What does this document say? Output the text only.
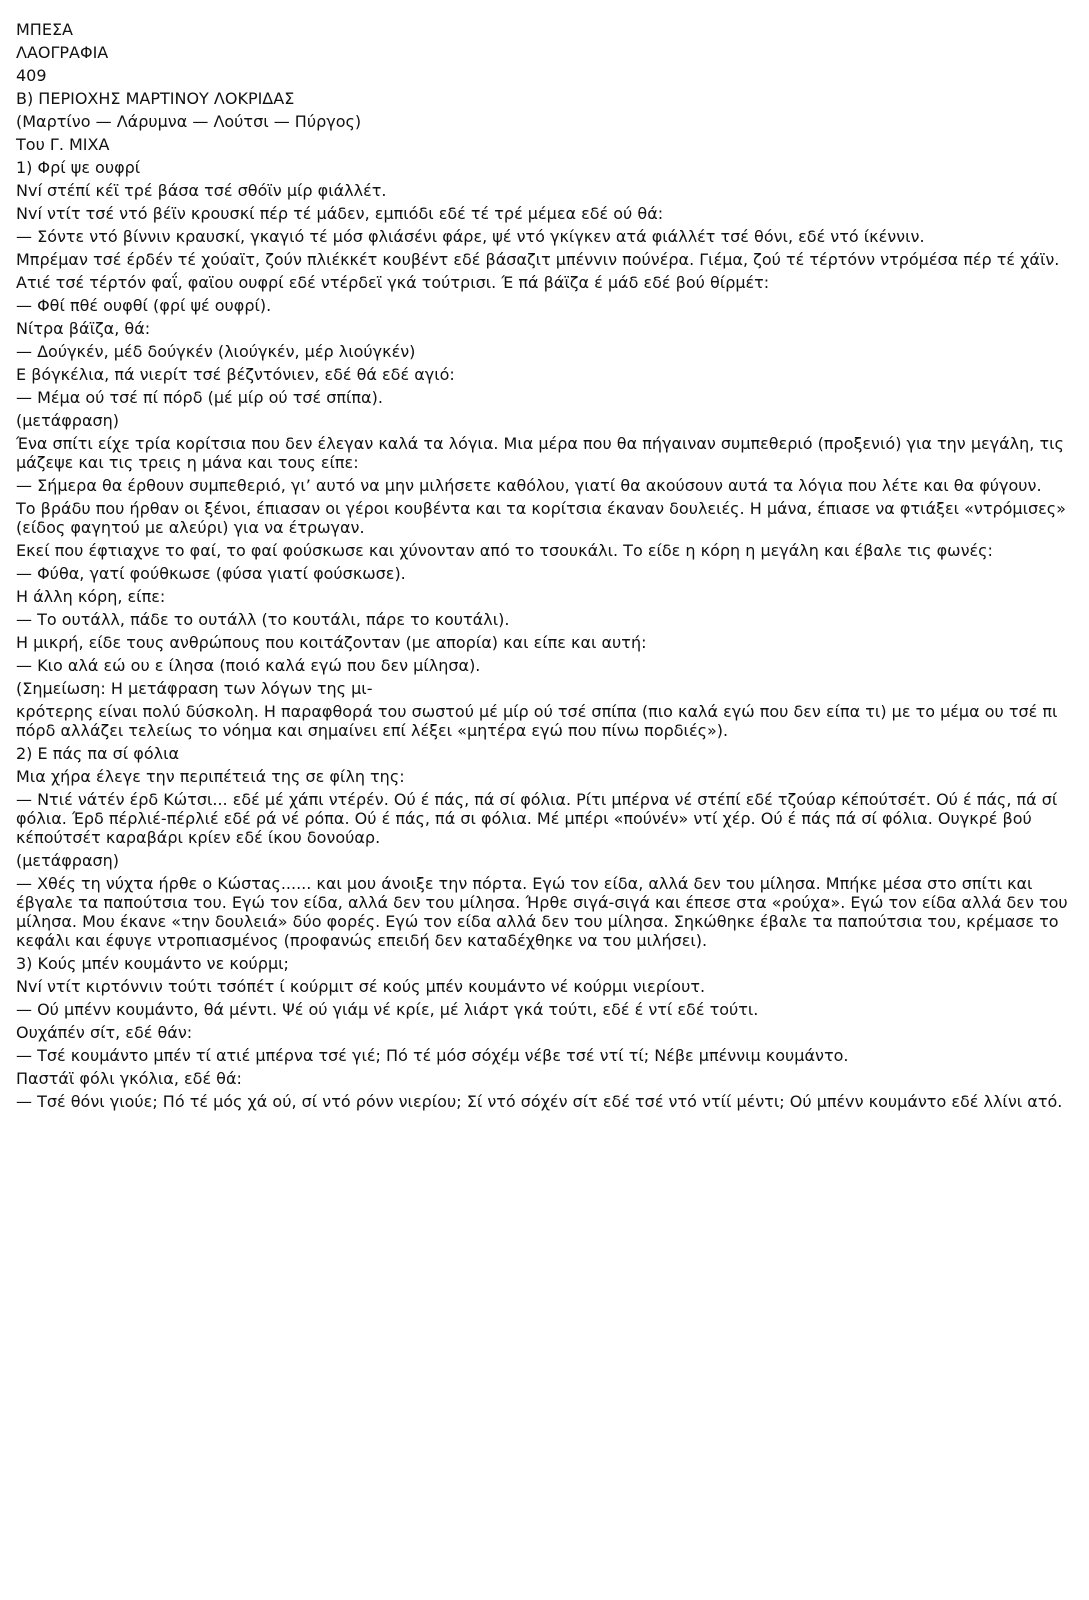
ΜΠΕΣΑ
ΛΑΟΓΡΑΦΙΑ
409
Β) ΠΕΡΙΟΧΗΣ ΜΑΡΤΙΝΟΥ ΛΟΚΡΙΔΑΣ
(Μαρτίνο — Λάρυμνα — Λούτσι — Πύργος)
Του Γ. ΜΙΧΑ
1) Φρί ψε ουφρί
Νví στέπί κέϊ τρέ βάσα τσέ σθόϊν μίρ φιάλλέτ.
Νví ντίτ τσέ ντό βέϊν κρουσκί πέρ τέ μάδεν, εμπιόδι εδέ τέ τρέ μέμεα εδέ ού θά:
— Σόντε ντό βίννιν κραυσκί, γκαγιό τέ μόσ φλιάσένι φάρε, ψέ ντό γκίγκεν ατά φιάλλέτ τσέ θόνι, εδέ ντό ίκέννιν.
Μπρέμαν τσέ έρδέν τέ χούαϊτ, ζούν πλιέκκέτ κουβέντ εδέ βάσαζιτ μπένvιν πούνέρα. Γιέμα, ζού τέ τέρτόνν ντρόμέσα πέρ τέ χάϊν.
Ατιέ τσέ τέρτόν φαΐ, φαϊου ουφρί εδέ ντέρδεϊ γκά τούτρισι. Έ πά βάϊζα έ μάδ εδέ βού θίρμέτ:
— Φθί πθέ ουφθί (φρί ψέ ουφρί).
Νίτρα βάϊζα, θά:
— Δούγκέν, μέδ δούγκέν (λιούγκέν, μέρ λιούγκέν)
Ε βόγκέλια, πά νιερίτ τσέ βέζντόνιεν, εδέ θά εδέ αγιό:
— Μέμα ού τσέ πί πόρδ (μέ μίρ ού τσέ σπίπα).
(μετάφραση)
Ένα σπίτι είχε τρία κορίτσια που δεν έλεγαν καλά τα λόγια. Μια μέρα που θα πήγαιναν συμπεθεριό (προξενιό) για την μεγάλη, τις μάζεψε και τις τρεις η μάνα και τους είπε:
— Σήμερα θα έρθουν συμπεθεριό, γι’ αυτό να μην μιλήσετε καθόλου, γιατί θα ακούσουν αυτά τα λόγια που λέτε και θα φύγουν.
Το βράδυ που ήρθαν οι ξένοι, έπιασαν οι γέροι κουβέντα και τα κορίτσια έκαναν δουλειές. Η μάνα, έπιασε να φτιάξει «ντρόμισες» (είδος φαγητού με αλεύρι) για να έτρωγαν.
Εκεί που έφτιαχνε το φαί, το φαί φούσκωσε και χύνονταν από το τσουκάλι. Το είδε η κόρη η μεγάλη και έβαλε τις φωνές:
— Φύθα, γατί φούθκωσε (φύσα γιατί φούσκωσε).
Η άλλη κόρη, είπε:
— Το ουτάλλ, πάδε το ουτάλλ (το κουτάλι, πάρε το κουτάλι).
Η μικρή, είδε τους ανθρώπους που κοιτάζονταν (με απορία) και είπε και αυτή:
— Κιο αλά εώ ου ε ίλησα (ποιό καλά εγώ που δεν μίλησα).
(Σημείωση: Η μετάφραση των λόγων της μι-
κρότερης είναι πολύ δύσκολη. Η παραφθορά του σωστού μέ μίρ ού τσέ σπίπα (πιο καλά εγώ που δεν είπα τι) με το μέμα ου τσέ πι πόρδ αλλάζει τελείως το νόημα και σημαίνει επί λέξει «μητέρα εγώ που πίνω πορδιές»).
2) Ε πάς πα σί φόλια
Μια χήρα έλεγε την περιπέτειά της σε φίλη της:
— Ντιέ νάτέν έρδ Κώτσι... εδέ μέ χάπι ντέρέν. Ού έ πάς, πά σί φόλια. Ρίτι μπέρνα νέ στέπί εδέ τζούαρ κέπούτσέτ. Ού έ πάς, πά σί φόλια. Έρδ πέρλιέ-πέρλιέ εδέ ρά νέ ρόπα. Ού έ πάς, πά σι φόλια. Μέ μπέρι «πούνέν» ντί χέρ. Ού έ πάς πά σί φόλια. Ουγκρέ βού κέπούτσέτ καραβάρι κρίεν εδέ ίκου δονούαρ.
(μετάφραση)
— Χθές τη νύχτα ήρθε ο Κώστας...... και μου άνοιξε την πόρτα. Εγώ τον είδα, αλλά δεν του μίλησα. Μπήκε μέσα στο σπίτι και έβγαλε τα παπούτσια του. Εγώ τον είδα, αλλά δεν του μίλησα. Ήρθε σιγά-σιγά και έπεσε στα «ρούχα». Εγώ τον είδα αλλά δεν του μίλησα. Μου έκανε «την δουλειά» δύο φορές. Εγώ τον είδα αλλά δεν του μίλησα. Σηκώθηκε έβαλε τα παπούτσια του, κρέμασε το κεφάλι και έφυγε ντροπιασμένος (προφανώς επειδή δεν καταδέχθηκε να του μιλήσει).
3) Κούς μπέν κουμάντο νε κούρμι;
Νví ντίτ κιρτόνvιν τούτι τσόπέτ ί κούρμιτ σέ κούς μπέν κουμάντο νέ κούρμι νιερίουτ.
— Ού μπέvν κουμάντο, θά μέντι. Ψέ ού γιάμ νέ κρίε, μέ λιάρτ γκά τούτι, εδέ έ ντί εδέ τούτι.
Ουχάπέν σίτ, εδέ θάν:
— Τσέ κουμάντο μπέν τί ατιέ μπέρνα τσέ γιέ; Πό τέ μόσ σόχέμ νέβε τσέ ντί τί; Νέβε μπέννιμ κουμάντο.
Παστάϊ φόλι γκόλια, εδέ θά:
— Τσέ θόνι γιούε; Πό τέ μός χά ού, σί ντό ρόνν νιερίου; Σί ντό σόχέν σίτ εδέ τσέ ντό ντίί μέντι; Ού μπέvν κουμάντο εδέ λλίνι ατό.
